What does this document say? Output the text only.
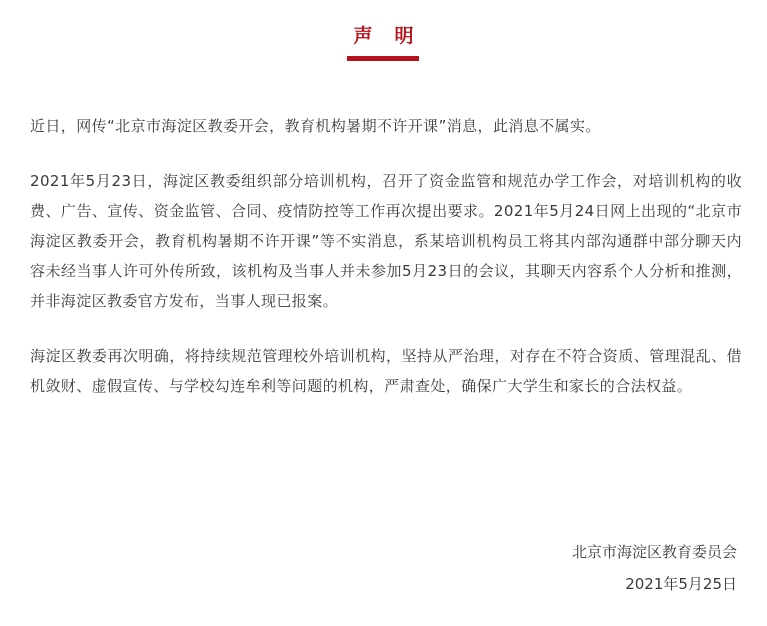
声明

近日，网传“北京市海淀区教委开会，教育机构暑期不许开课”消息，此消息不属实。

2021年5月23日，海淀区教委组织部分培训机构，召开了资金监管和规范办学工作会，对培训机构的收费、广告、宣传、资金监管、合同、疫情防控等工作再次提出要求。2021年5月24日网上出现的“北京市海淀区教委开会，教育机构暑期不许开课”等不实消息，系某培训机构员工将其内部沟通群中部分聊天内容未经当事人许可外传所致，该机构及当事人并未参加5月23日的会议，其聊天内容系个人分析和推测，并非海淀区教委官方发布，当事人现已报案。

海淀区教委再次明确，将持续规范管理校外培训机构，坚持从严治理，对存在不符合资质、管理混乱、借机敛财、虚假宣传、与学校勾连牟利等问题的机构，严肃查处，确保广大学生和家长的合法权益。

北京市海淀区教育委员会
2021年5月25日
